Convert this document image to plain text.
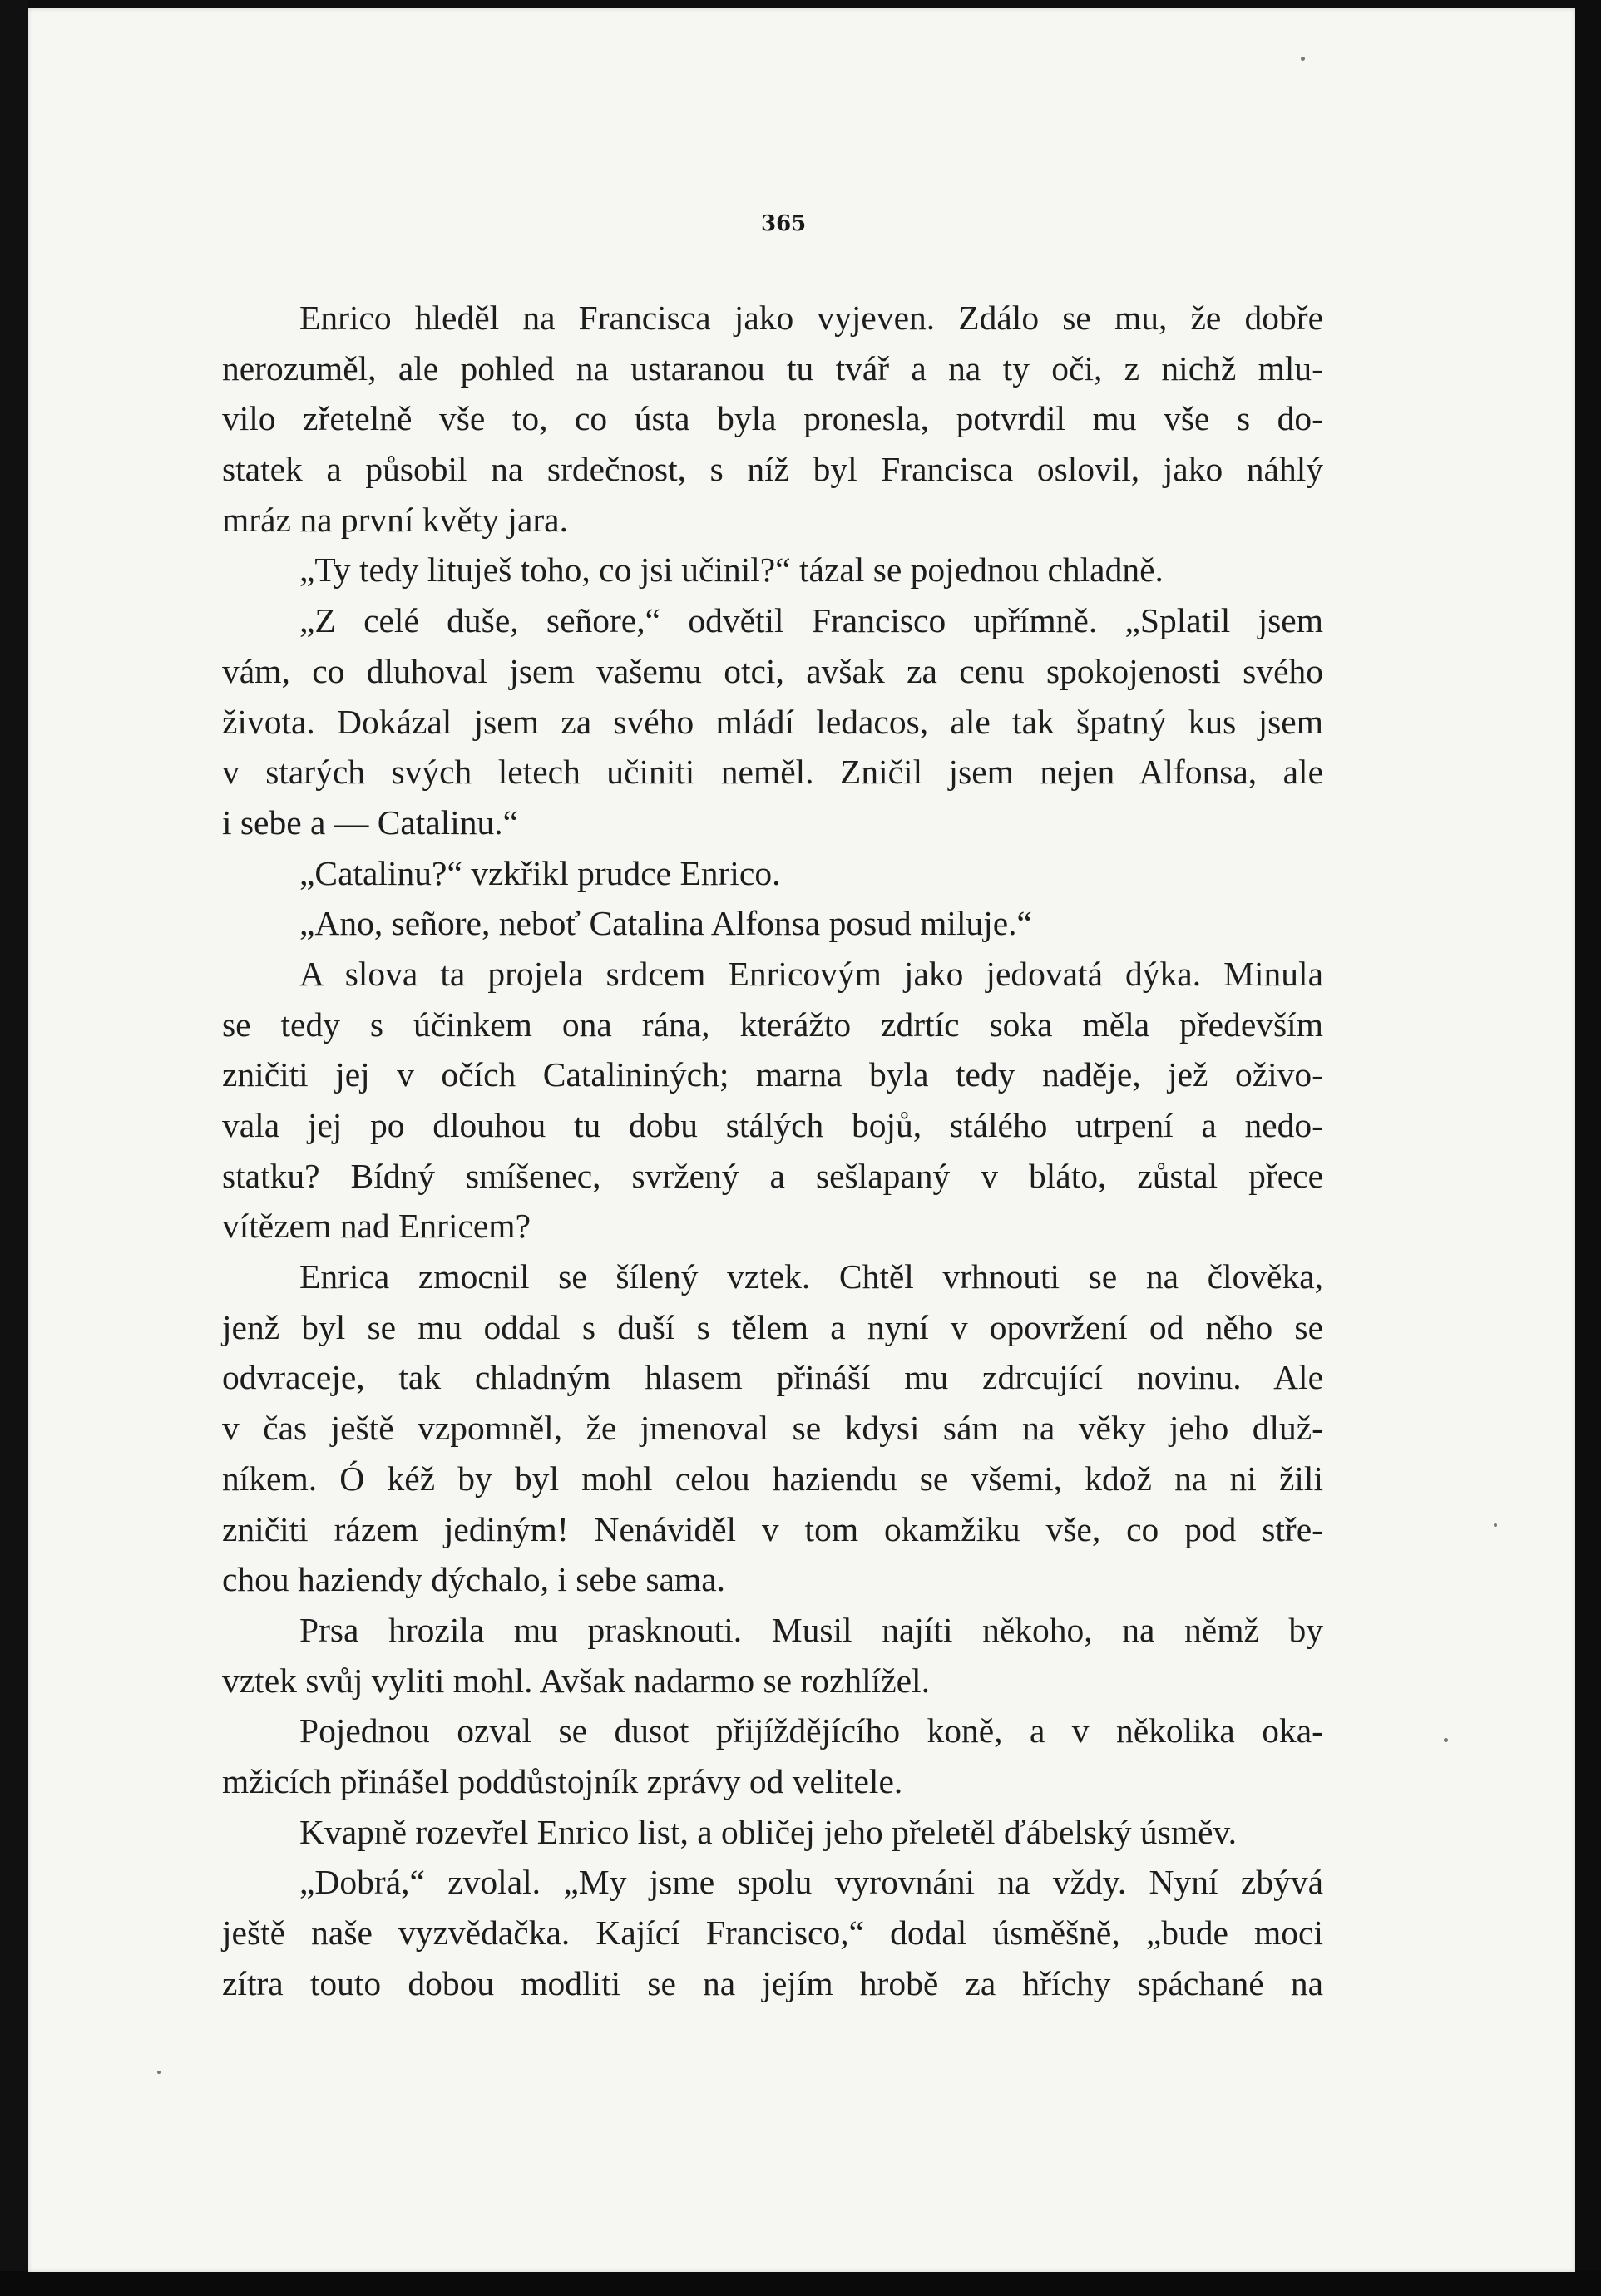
365
Enrico hleděl na Francisca jako vyjeven. Zdálo se mu, že dobře
nerozuměl, ale pohled na ustaranou tu tvář a na ty oči, z nichž mlu-
vilo zřetelně vše to, co ústa byla pronesla, potvrdil mu vše s do-
statek a působil na srdečnost, s níž byl Francisca oslovil, jako náhlý
mráz na první květy jara.
„Ty tedy lituješ toho, co jsi učinil?“ tázal se pojednou chladně.
„Z celé duše, señore,“ odvětil Francisco upřímně. „Splatil jsem
vám, co dluhoval jsem vašemu otci, avšak za cenu spokojenosti svého
života. Dokázal jsem za svého mládí ledacos, ale tak špatný kus jsem
v starých svých letech učiniti neměl. Zničil jsem nejen Alfonsa, ale
i sebe a — Catalinu.“
„Catalinu?“ vzkřikl prudce Enrico.
„Ano, señore, neboť Catalina Alfonsa posud miluje.“
A slova ta projela srdcem Enricovým jako jedovatá dýka. Minula
se tedy s účinkem ona rána, kterážto zdrtíc soka měla především
zničiti jej v očích Catalininých; marna byla tedy naděje, jež oživo-
vala jej po dlouhou tu dobu stálých bojů, stálého utrpení a nedo-
statku? Bídný smíšenec, svržený a sešlapaný v bláto, zůstal přece
vítězem nad Enricem?
Enrica zmocnil se šílený vztek. Chtěl vrhnouti se na člověka,
jenž byl se mu oddal s duší s tělem a nyní v opovržení od něho se
odvraceje, tak chladným hlasem přináší mu zdrcující novinu. Ale
v čas ještě vzpomněl, že jmenoval se kdysi sám na věky jeho dluž-
níkem. Ó kéž by byl mohl celou haziendu se všemi, kdož na ni žili
zničiti rázem jediným! Nenáviděl v tom okamžiku vše, co pod stře-
chou haziendy dýchalo, i sebe sama.
Prsa hrozila mu prasknouti. Musil najíti někoho, na němž by
vztek svůj vyliti mohl. Avšak nadarmo se rozhlížel.
Pojednou ozval se dusot přijíždějícího koně, a v několika oka-
mžicích přinášel poddůstojník zprávy od velitele.
Kvapně rozevřel Enrico list, a obličej jeho přeletěl ďábelský úsměv.
„Dobrá,“ zvolal. „My jsme spolu vyrovnáni na vždy. Nyní zbývá
ještě naše vyzvědačka. Kající Francisco,“ dodal úsměšně, „bude moci
zítra touto dobou modliti se na jejím hrobě za hříchy spáchané na
